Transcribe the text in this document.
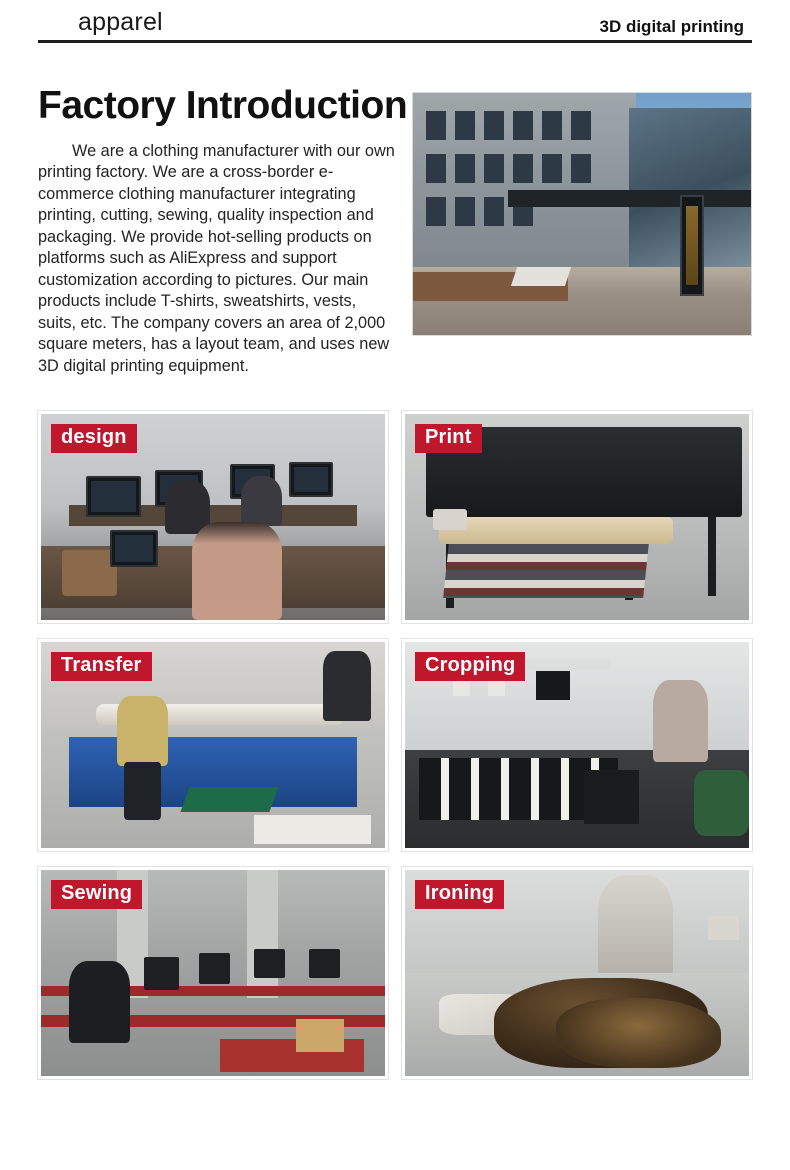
apparel	3D digital printing
Factory Introduction
We are a clothing manufacturer with our own printing factory. We are a cross-border e-commerce clothing manufacturer integrating printing, cutting, sewing, quality inspection and packaging. We provide hot-selling products on platforms such as AliExpress and support customization according to pictures. Our main products include T-shirts, sweatshirts, vests, suits, etc. The company covers an area of 2,000 square meters, has a layout team, and uses new 3D digital printing equipment.
design	Print
Transfer	Cropping
Sewing	Ironing
